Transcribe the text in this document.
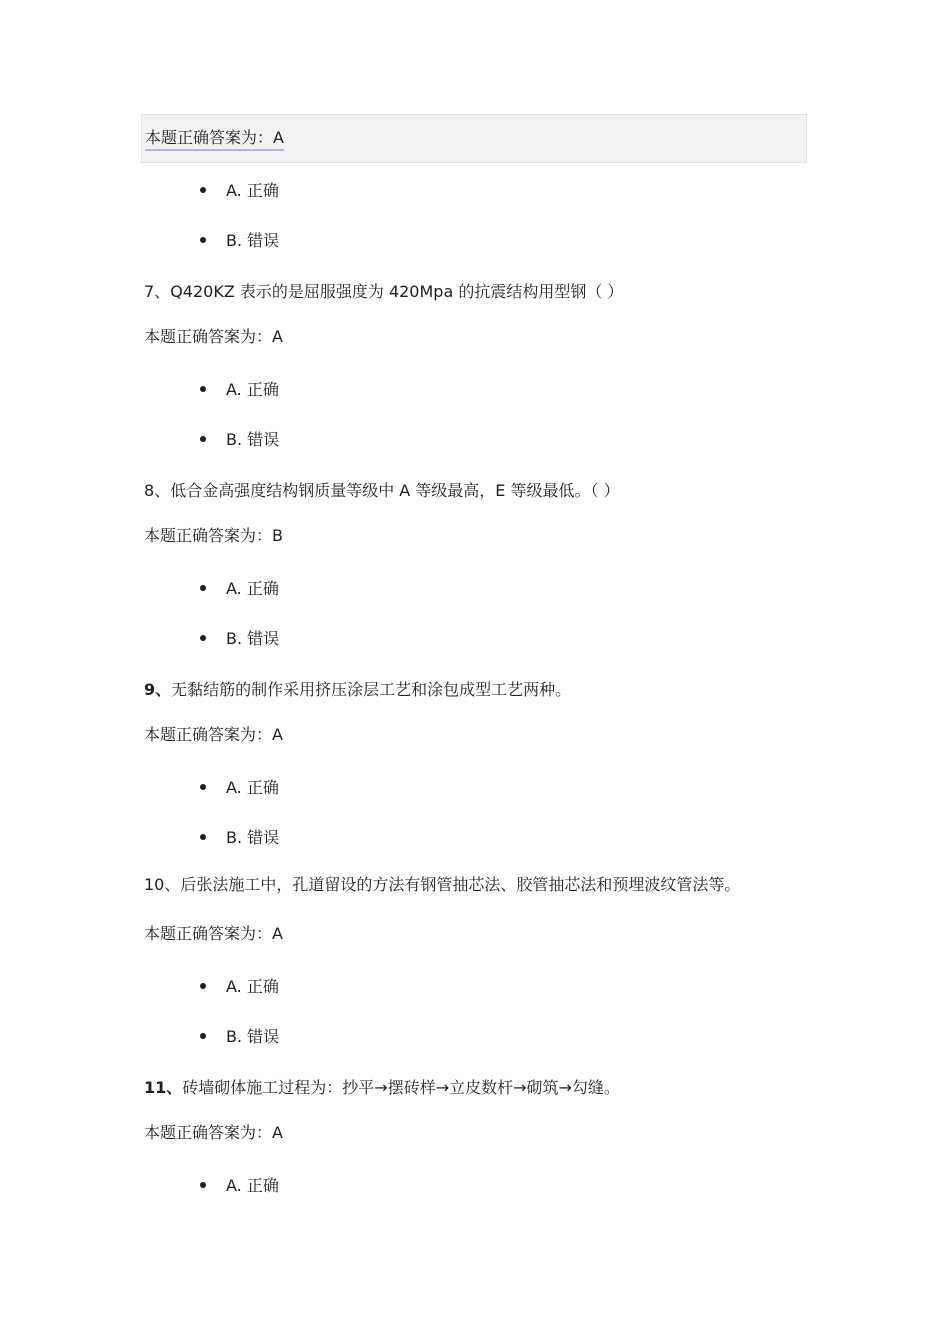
本题正确答案为：A
A. 正确
B. 错误
7、Q420KZ 表示的是屈服强度为 420Mpa 的抗震结构用型钢（ ）
本题正确答案为：A
A. 正确
B. 错误
8、低合金高强度结构钢质量等级中 A 等级最高，E 等级最低。（ ）
本题正确答案为：B
A. 正确
B. 错误
9、无黏结筋的制作采用挤压涂层工艺和涂包成型工艺两种。
本题正确答案为：A
A. 正确
B. 错误
10、后张法施工中，孔道留设的方法有钢管抽芯法、胶管抽芯法和预埋波纹管法等。
本题正确答案为：A
A. 正确
B. 错误
11、砖墙砌体施工过程为：抄平→摆砖样→立皮数杆→砌筑→勾缝。
本题正确答案为：A
A. 正确
